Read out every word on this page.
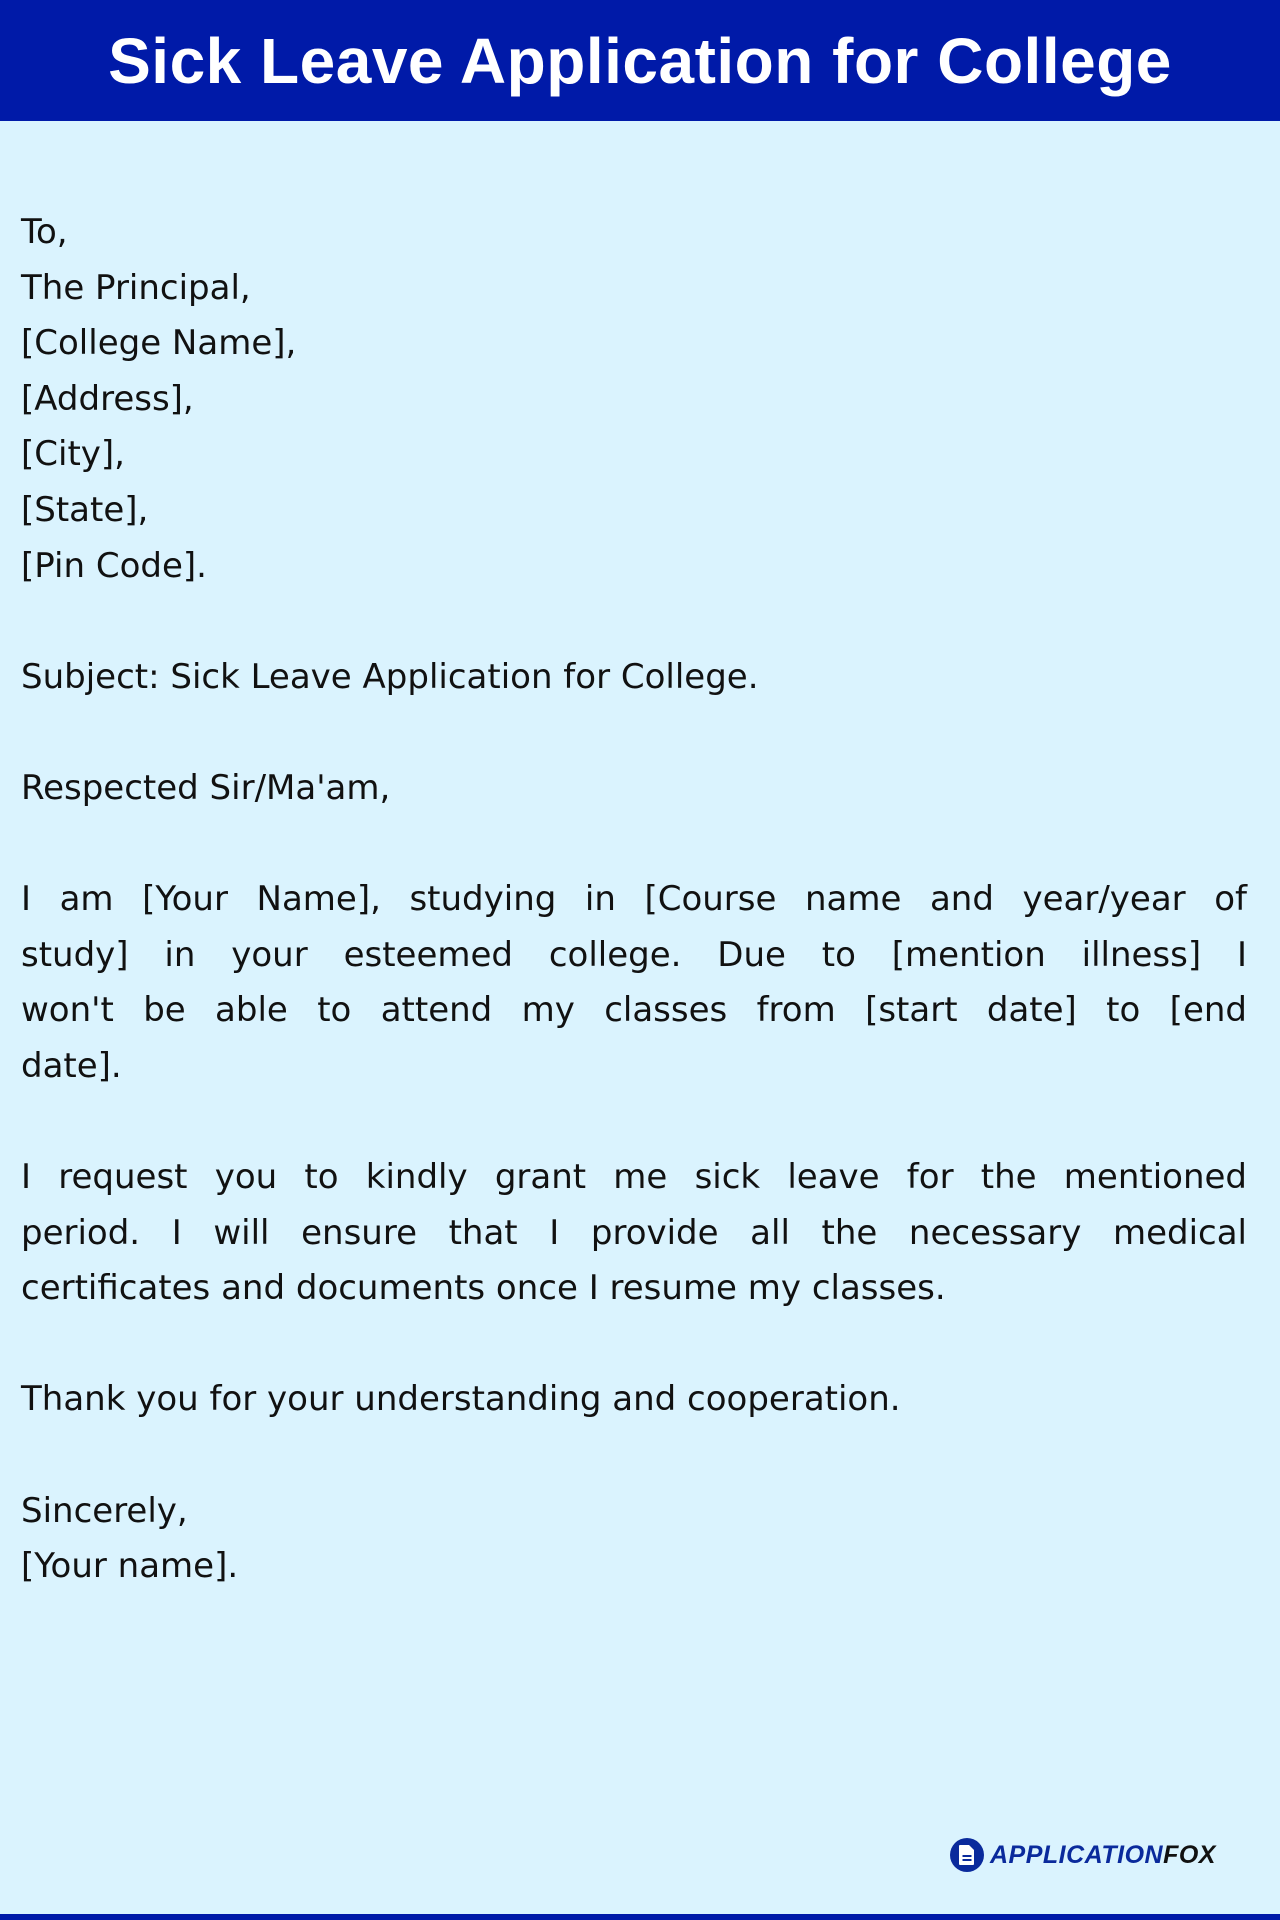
Sick Leave Application for College
To,
The Principal,
[College Name],
[Address],
[City],
[State],
[Pin Code].
Subject: Sick Leave Application for College.
Respected Sir/Ma'am,
I am [Your Name], studying in [Course name and year/year of
study] in your esteemed college. Due to [mention illness] I
won't be able to attend my classes from [start date] to [end
date].
I request you to kindly grant me sick leave for the mentioned
period. I will ensure that I provide all the necessary medical
certificates and documents once I resume my classes.
Thank you for your understanding and cooperation.
Sincerely,
[Your name].
APPLICATIONFOX
